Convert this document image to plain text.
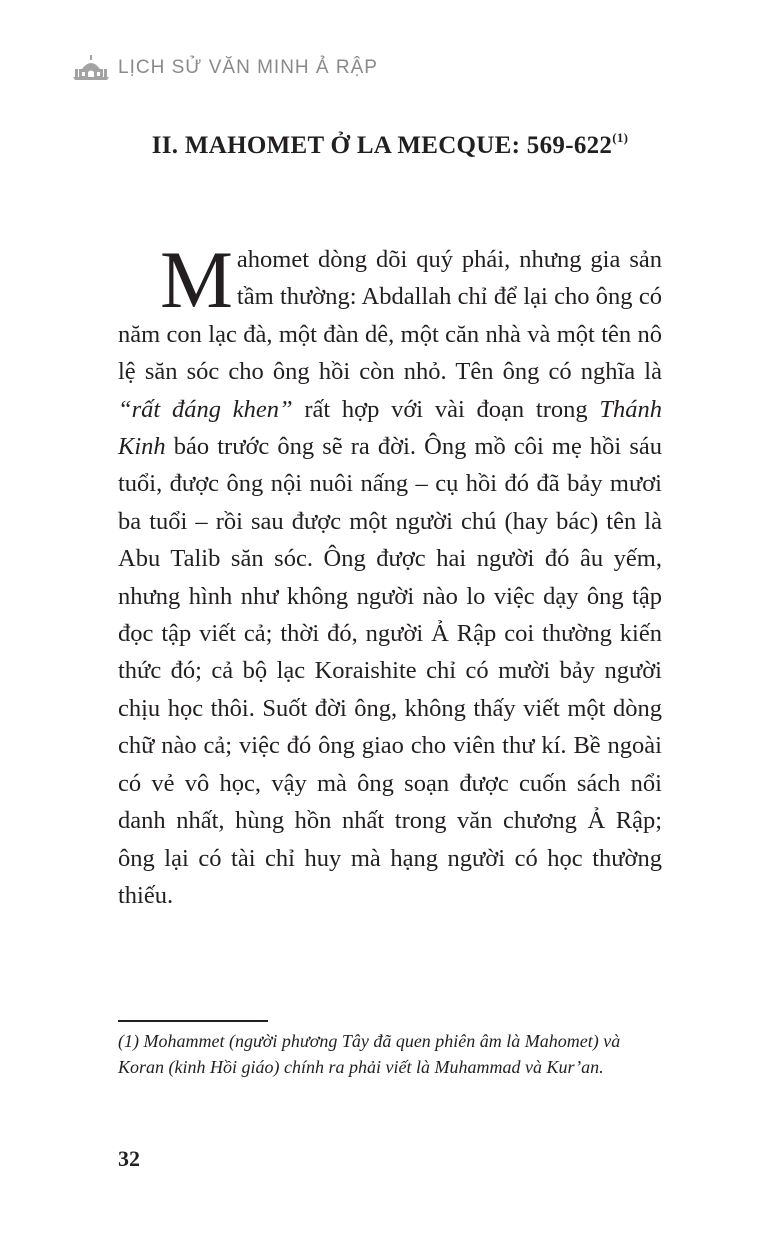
LỊCH SỬ VĂN MINH Ả RẬP
II. MAHOMET Ở LA MECQUE: 569-622$^{(1)}$

Mahomet dòng dõi quý phái, nhưng gia sản tầm thường: Abdallah chỉ để lại cho ông có năm con lạc đà, một đàn dê, một căn nhà và một tên nô lệ săn sóc cho ông hồi còn nhỏ. Tên ông có nghĩa là “rất đáng khen” rất hợp với vài đoạn trong Thánh Kinh báo trước ông sẽ ra đời. Ông mồ côi mẹ hồi sáu tuổi, được ông nội nuôi nấng – cụ hồi đó đã bảy mươi ba tuổi – rồi sau được một người chú (hay bác) tên là Abu Talib săn sóc. Ông được hai người đó âu yếm, nhưng hình như không người nào lo việc dạy ông tập đọc tập viết cả; thời đó, người Ả Rập coi thường kiến thức đó; cả bộ lạc Koraishite chỉ có mười bảy người chịu học thôi. Suốt đời ông, không thấy viết một dòng chữ nào cả; việc đó ông giao cho viên thư kí. Bề ngoài có vẻ vô học, vậy mà ông soạn được cuốn sách nổi danh nhất, hùng hồn nhất trong văn chương Ả Rập; ông lại có tài chỉ huy mà hạng người có học thường thiếu.

(1) Mohammet (người phương Tây đã quen phiên âm là Mahomet) và Koran (kinh Hồi giáo) chính ra phải viết là Muhammad và Kur’an.

32
